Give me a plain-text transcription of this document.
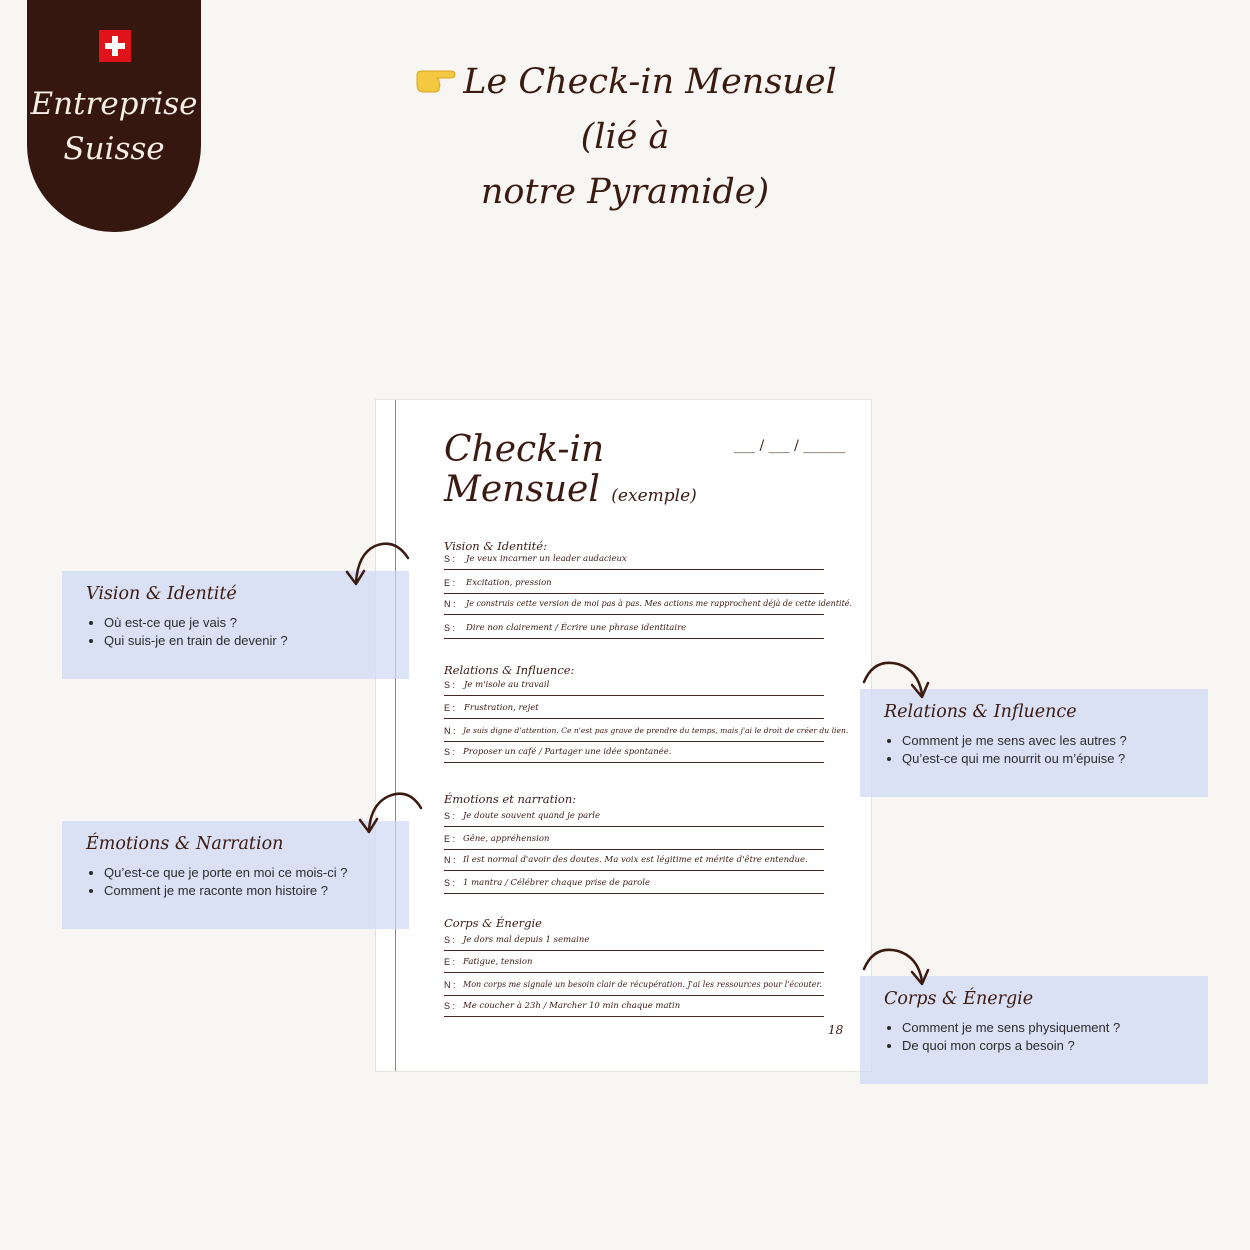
Entreprise
Suisse
Le Check-in Mensuel (lié à
notre Pyramide)
Check-in
Mensuel (exemple)
___ / ___ / ______
Vision & Identité:
S : Je veux incarner un leader audacieux
E : Excitation, pression
N : Je construis cette version de moi pas à pas. Mes actions me rapprochent déjà de cette identité.
S : Dire non clairement / Écrire une phrase identitaire
Relations & Influence:
S : Je m'isole au travail
E : Frustration, rejet
N : Je suis digne d'attention. Ce n'est pas grave de prendre du temps, mais j'ai le droit de créer du lien.
S : Proposer un café / Partager une idée spontanée.
Émotions et narration:
S : Je doute souvent quand je parle
E : Gêne, appréhension
N : Il est normal d'avoir des doutes. Ma voix est légitime et mérite d'être entendue.
S : 1 mantra / Célébrer chaque prise de parole
Corps & Énergie
S : Je dors mal depuis 1 semaine
E : Fatigue, tension
N : Mon corps me signale un besoin clair de récupération. J'ai les ressources pour l'écouter.
S : Me coucher à 23h / Marcher 10 min chaque matin
18
Vision & Identité
• Où est-ce que je vais ?
• Qui suis-je en train de devenir ?
Relations & Influence
• Comment je me sens avec les autres ?
• Qu’est-ce qui me nourrit ou m’épuise ?
Émotions & Narration
• Qu’est-ce que je porte en moi ce mois-ci ?
• Comment je me raconte mon histoire ?
Corps & Énergie
• Comment je me sens physiquement ?
• De quoi mon corps a besoin ?
